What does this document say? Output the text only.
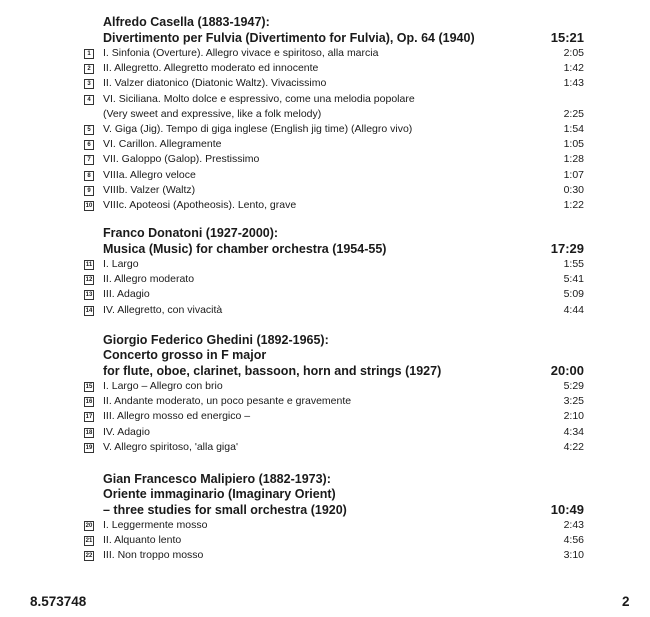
Alfredo Casella (1883-1947):
Divertimento per Fulvia (Divertimento for Fulvia), Op. 64 (1940)	15:21
1	I. Sinfonia (Overture). Allegro vivace e spiritoso, alla marcia	2:05
2	II. Allegretto. Allegretto moderato ed innocente	1:42
3	II. Valzer diatonico (Diatonic Waltz). Vivacissimo	1:43
4	VI. Siciliana. Molto dolce e espressivo, come una melodia popolare
(Very sweet and expressive, like a folk melody)	2:25
5	V. Giga (Jig). Tempo di giga inglese (English jig time) (Allegro vivo)	1:54
6	VI. Carillon. Allegramente	1:05
7	VII. Galoppo (Galop). Prestissimo	1:28
8	VIIIa. Allegro veloce	1:07
9	VIIIb. Valzer (Waltz)	0:30
10 VIIIc. Apoteosi (Apotheosis). Lento, grave	1:22
Franco Donatoni (1927-2000):
Musica (Music) for chamber orchestra (1954-55)	17:29
11 I. Largo	1:55
12 II. Allegro moderato	5:41
13 III. Adagio	5:09
14 IV. Allegretto, con vivacità	4:44
Giorgio Federico Ghedini (1892-1965):
Concerto grosso in F major
for flute, oboe, clarinet, bassoon, horn and strings (1927)	20:00
15 I. Largo – Allegro con brio	5:29
16 II. Andante moderato, un poco pesante e gravemente	3:25
17 III. Allegro mosso ed energico –	2:10
18 IV. Adagio	4:34
19 V. Allegro spiritoso, 'alla giga'	4:22
Gian Francesco Malipiero (1882-1973):
Oriente immaginario (Imaginary Orient)
– three studies for small orchestra (1920)	10:49
20 I. Leggermente mosso	2:43
21 II. Alquanto lento	4:56
22 III. Non troppo mosso	3:10
8.573748	2
